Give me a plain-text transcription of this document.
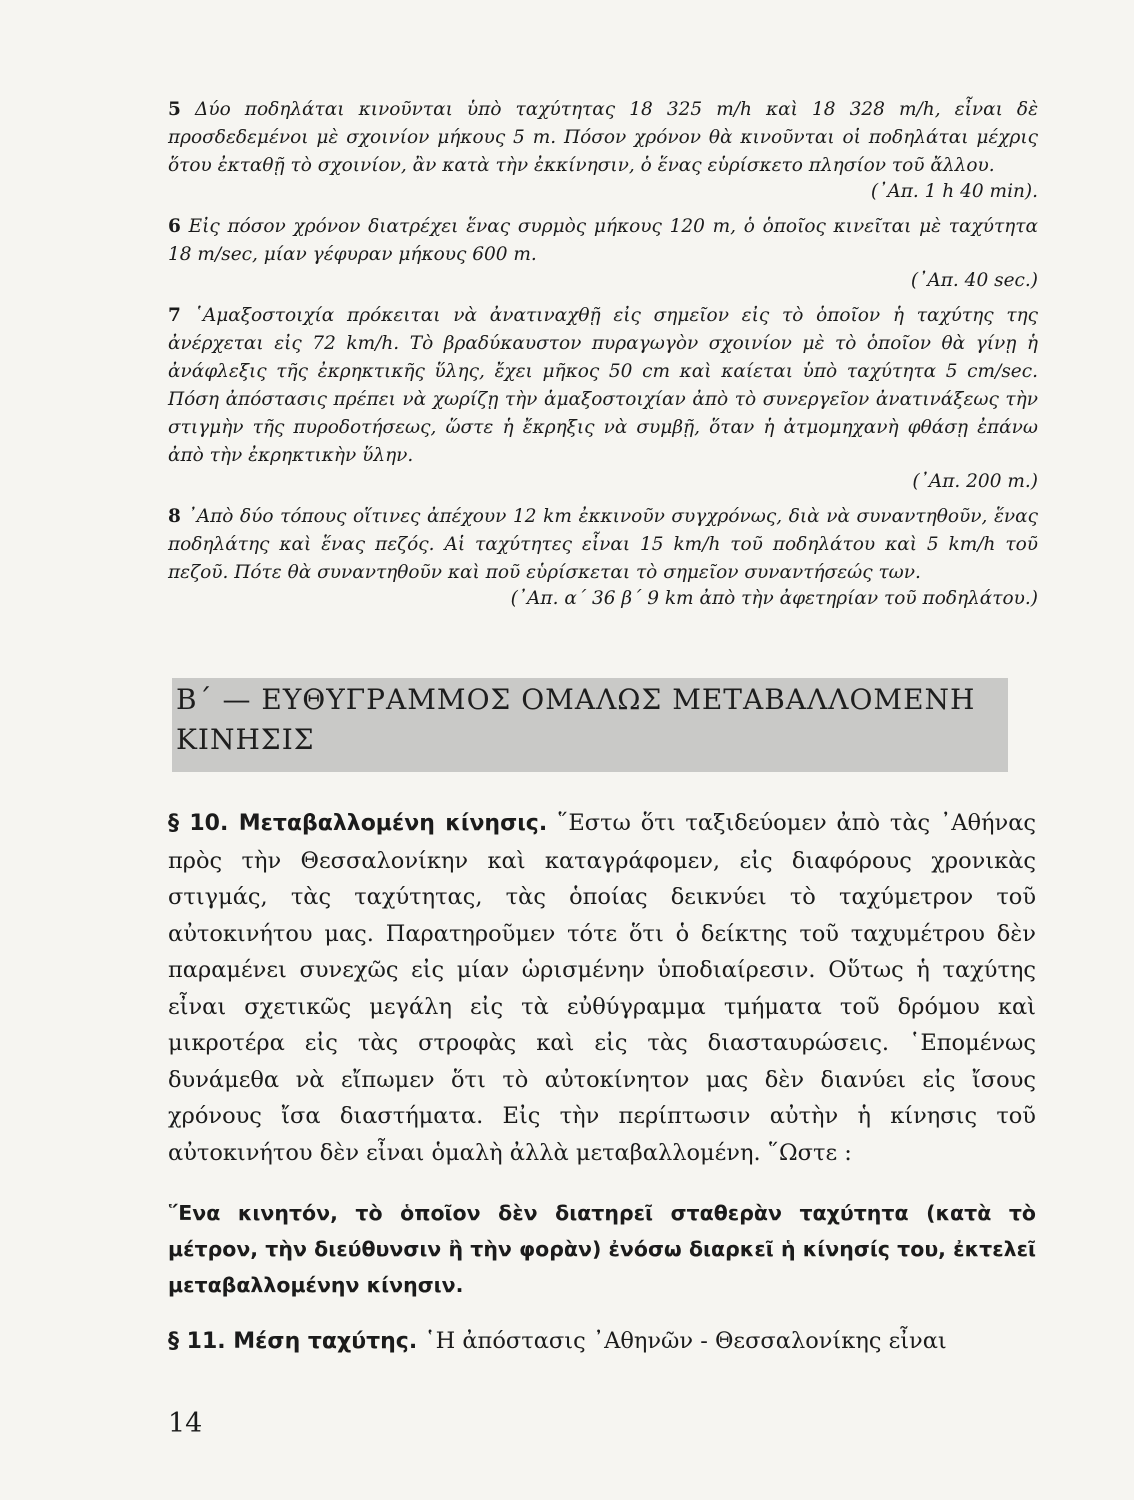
5 Δύο ποδηλάται κινοῦνται ὑπὸ ταχύτητας 18 325 m/h καὶ 18 328 m/h, εἶναι δὲ προσδεδεμένοι μὲ σχοινίον μήκους 5 m. Πόσον χρόνον θὰ κινοῦνται οἱ ποδηλάται μέχρις ὅτου ἐκταθῇ τὸ σχοινίον, ἂν κατὰ τὴν ἐκκίνησιν, ὁ ἕνας εὑρίσκετο πλησίον τοῦ ἄλλου.
(᾽Απ. 1 h 40 min).
6 Εἰς πόσον χρόνον διατρέχει ἕνας συρμὸς μήκους 120 m, ὁ ὁποῖος κινεῖται μὲ ταχύτητα 18 m/sec, μίαν γέφυραν μήκους 600 m.
(᾽Απ. 40 sec.)
7 ῾Αμαξοστοιχία πρόκειται νὰ ἀνατιναχθῇ εἰς σημεῖον εἰς τὸ ὁποῖον ἡ ταχύτης της ἀνέρχεται εἰς 72 km/h. Τὸ βραδύκαυστον πυραγωγὸν σχοινίον μὲ τὸ ὁποῖον θὰ γίνῃ ἡ ἀνάφλεξις τῆς ἐκρηκτικῆς ὕλης, ἔχει μῆκος 50 cm καὶ καίεται ὑπὸ ταχύτητα 5 cm/sec. Πόση ἀπόστασις πρέπει νὰ χωρίζῃ τὴν ἁμαξοστοιχίαν ἀπὸ τὸ συνεργεῖον ἀνατινάξεως τὴν στιγμὴν τῆς πυροδοτήσεως, ὥστε ἡ ἔκρηξις νὰ συμβῇ, ὅταν ἡ ἀτμομηχανὴ φθάσῃ ἐπάνω ἀπὸ τὴν ἐκρηκτικὴν ὕλην.
(᾽Απ. 200 m.)
8 ᾽Απὸ δύο τόπους οἵτινες ἀπέχουν 12 km ἐκκινοῦν συγχρόνως, διὰ νὰ συναντηθοῦν, ἕνας ποδηλάτης καὶ ἕνας πεζός. Αἱ ταχύτητες εἶναι 15 km/h τοῦ ποδηλάτου καὶ 5 km/h τοῦ πεζοῦ. Πότε θὰ συναντηθοῦν καὶ ποῦ εὑρίσκεται τὸ σημεῖον συναντήσεώς των.
(᾽Απ. α΄ 36 β΄ 9 km ἀπὸ τὴν ἀφετηρίαν τοῦ ποδηλάτου.)
Β΄ — ΕΥΘΥΓΡΑΜΜΟΣ ΟΜΑΛΩΣ ΜΕΤΑΒΑΛΛΟΜΕΝΗ ΚΙΝΗΣΙΣ

§ 10. Μεταβαλλομένη κίνησις. ῞Εστω ὅτι ταξιδεύομεν ἀπὸ τὰς ᾽Αθήνας πρὸς τὴν Θεσσαλονίκην καὶ καταγράφομεν, εἰς διαφόρους χρονικὰς στιγμάς, τὰς ταχύτητας, τὰς ὁποίας δεικνύει τὸ ταχύμετρον τοῦ αὐτοκινήτου μας. Παρατηροῦμεν τότε ὅτι ὁ δείκτης τοῦ ταχυμέτρου δὲν παραμένει συνεχῶς εἰς μίαν ὡρισμένην ὑποδιαίρεσιν. Οὕτως ἡ ταχύτης εἶναι σχετικῶς μεγάλη εἰς τὰ εὐθύγραμμα τμήματα τοῦ δρόμου καὶ μικροτέρα εἰς τὰς στροφὰς καὶ εἰς τὰς διασταυρώσεις. ῾Επομένως δυνάμεθα νὰ εἴπωμεν ὅτι τὸ αὐτοκίνητον μας δὲν διανύει εἰς ἴσους χρόνους ἴσα διαστήματα. Εἰς τὴν περίπτωσιν αὐτὴν ἡ κίνησις τοῦ αὐτοκινήτου δὲν εἶναι ὁμαλὴ ἀλλὰ μεταβαλλομένη. ῞Ωστε :

῞Ενα κινητόν, τὸ ὁποῖον δὲν διατηρεῖ σταθερὰν ταχύτητα (κατὰ τὸ μέτρον, τὴν διεύθυνσιν ἢ τὴν φορὰν) ἐνόσω διαρκεῖ ἡ κίνησίς του, ἐκτελεῖ μεταβαλλομένην κίνησιν.

§ 11. Μέση ταχύτης. ῾Η ἀπόστασις ᾽Αθηνῶν - Θεσσαλονίκης εἶναι

14
